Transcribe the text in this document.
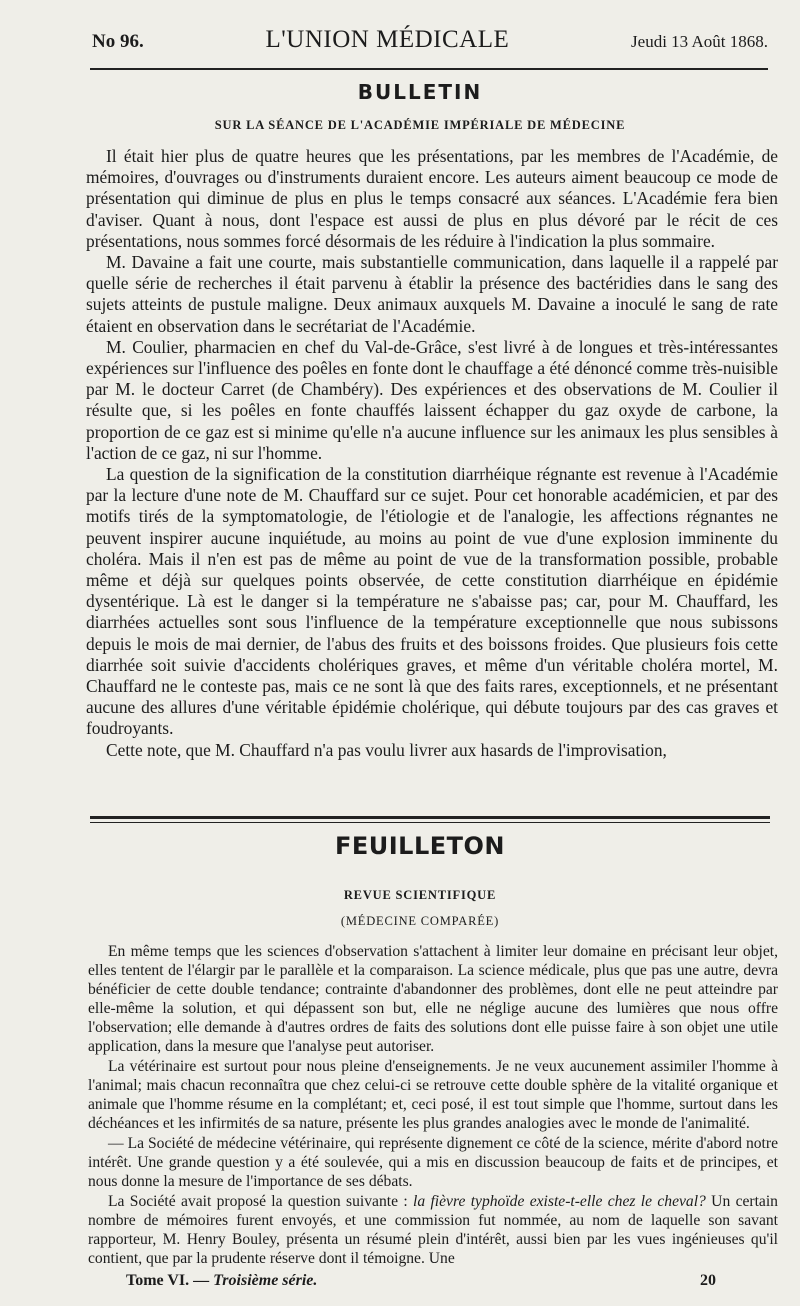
No 96.	L'UNION MÉDICALE	Jeudi 13 Août 1868.
BULLETIN
SUR LA SÉANCE DE L'ACADÉMIE IMPÉRIALE DE MÉDECINE

Il était hier plus de quatre heures que les présentations, par les membres de l'Académie, de mémoires, d'ouvrages ou d'instruments duraient encore. Les auteurs aiment beaucoup ce mode de présentation qui diminue de plus en plus le temps consacré aux séances. L'Académie fera bien d'aviser. Quant à nous, dont l'espace est aussi de plus en plus dévoré par le récit de ces présentations, nous sommes forcé désormais de les réduire à l'indication la plus sommaire.

M. Davaine a fait une courte, mais substantielle communication, dans laquelle il a rappelé par quelle série de recherches il était parvenu à établir la présence des bactéridies dans le sang des sujets atteints de pustule maligne. Deux animaux auxquels M. Davaine a inoculé le sang de rate étaient en observation dans le secrétariat de l'Académie.

M. Coulier, pharmacien en chef du Val-de-Grâce, s'est livré à de longues et très-intéressantes expériences sur l'influence des poêles en fonte dont le chauffage a été dénoncé comme très-nuisible par M. le docteur Carret (de Chambéry). Des expériences et des observations de M. Coulier il résulte que, si les poêles en fonte chauffés laissent échapper du gaz oxyde de carbone, la proportion de ce gaz est si minime qu'elle n'a aucune influence sur les animaux les plus sensibles à l'action de ce gaz, ni sur l'homme.

La question de la signification de la constitution diarrhéique régnante est revenue à l'Académie par la lecture d'une note de M. Chauffard sur ce sujet. Pour cet honorable académicien, et par des motifs tirés de la symptomatologie, de l'étiologie et de l'analogie, les affections régnantes ne peuvent inspirer aucune inquiétude, au moins au point de vue d'une explosion imminente du choléra. Mais il n'en est pas de même au point de vue de la transformation possible, probable même et déjà sur quelques points observée, de cette constitution diarrhéique en épidémie dysentérique. Là est le danger si la température ne s'abaisse pas; car, pour M. Chauffard, les diarrhées actuelles sont sous l'influence de la température exceptionnelle que nous subissons depuis le mois de mai dernier, de l'abus des fruits et des boissons froides. Que plusieurs fois cette diarrhée soit suivie d'accidents cholériques graves, et même d'un véritable choléra mortel, M. Chauffard ne le conteste pas, mais ce ne sont là que des faits rares, exceptionnels, et ne présentant aucune des allures d'une véritable épidémie cholérique, qui débute toujours par des cas graves et foudroyants.

Cette note, que M. Chauffard n'a pas voulu livrer aux hasards de l'improvisation,

FEUILLETON
REVUE SCIENTIFIQUE
(MÉDECINE COMPARÉE)

En même temps que les sciences d'observation s'attachent à limiter leur domaine en précisant leur objet, elles tentent de l'élargir par le parallèle et la comparaison. La science médicale, plus que pas une autre, devra bénéficier de cette double tendance; contrainte d'abandonner des problèmes, dont elle ne peut atteindre par elle-même la solution, et qui dépassent son but, elle ne néglige aucune des lumières que nous offre l'observation; elle demande à d'autres ordres de faits des solutions dont elle puisse faire à son objet une utile application, dans la mesure que l'analyse peut autoriser.

La vétérinaire est surtout pour nous pleine d'enseignements. Je ne veux aucunement assimiler l'homme à l'animal; mais chacun reconnaîtra que chez celui-ci se retrouve cette double sphère de la vitalité organique et animale que l'homme résume en la complétant; et, ceci posé, il est tout simple que l'homme, surtout dans les déchéances et les infirmités de sa nature, présente les plus grandes analogies avec le monde de l'animalité.

— La Société de médecine vétérinaire, qui représente dignement ce côté de la science, mérite d'abord notre intérêt. Une grande question y a été soulevée, qui a mis en discussion beaucoup de faits et de principes, et nous donne la mesure de l'importance de ses débats.

La Société avait proposé la question suivante : la fièvre typhoïde existe-t-elle chez le cheval? Un certain nombre de mémoires furent envoyés, et une commission fut nommée, au nom de laquelle son savant rapporteur, M. Henry Bouley, présenta un résumé plein d'intérêt, aussi bien par les vues ingénieuses qu'il contient, que par la prudente réserve dont il témoigne. Une

Tome VI. — Troisième série.	20
